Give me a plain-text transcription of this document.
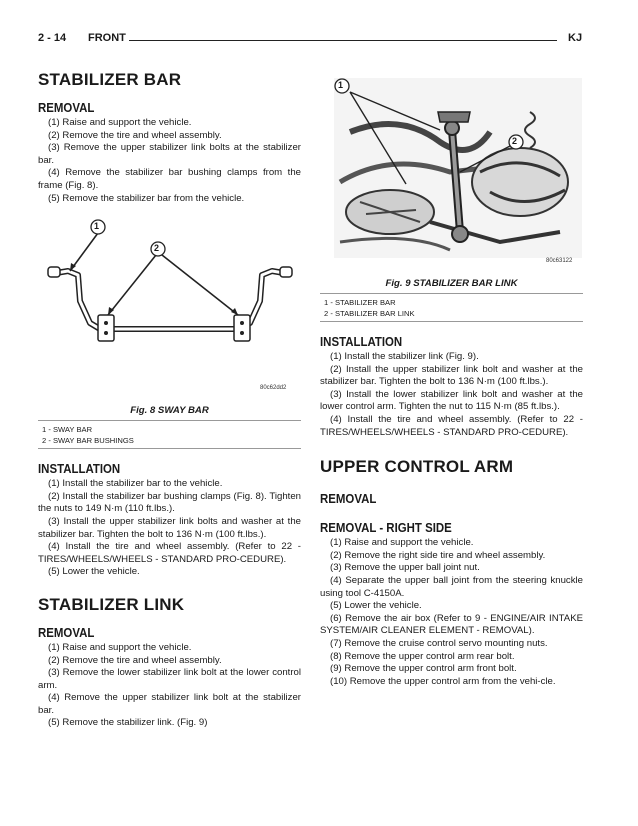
2 - 14 FRONT	KJ
STABILIZER BAR
REMOVAL
(1) Raise and support the vehicle.
(2) Remove the tire and wheel assembly.
(3) Remove the upper stabilizer link bolts at the stabilizer bar.
(4) Remove the stabilizer bar bushing clamps from the frame (Fig. 8).
(5) Remove the stabilizer bar from the vehicle.
1
2
80c62dd2
Fig. 8 SWAY BAR
1 - SWAY BAR
2 - SWAY BAR BUSHINGS
INSTALLATION
(1) Install the stabilizer bar to the vehicle.
(2) Install the stabilizer bar bushing clamps (Fig. 8). Tighten the nuts to 149 N·m (110 ft.lbs.).
(3) Install the upper stabilizer link bolts and washer at the stabilizer bar. Tighten the bolt to 136 N·m (100 ft.lbs.).
(4) Install the tire and wheel assembly. (Refer to 22 - TIRES/WHEELS/WHEELS - STANDARD PRO-CEDURE).
(5) Lower the vehicle.
STABILIZER LINK
REMOVAL
(1) Raise and support the vehicle.
(2) Remove the tire and wheel assembly.
(3) Remove the lower stabilizer link bolt at the lower control arm.
(4) Remove the upper stabilizer link bolt at the stabilizer bar.
(5) Remove the stabilizer link. (Fig. 9)
1
2
80c63122
Fig. 9 STABILIZER BAR LINK
1 - STABILIZER BAR
2 - STABILIZER BAR LINK
INSTALLATION
(1) Install the stabilizer link (Fig. 9).
(2) Install the upper stabilizer link bolt and washer at the stabilizer bar. Tighten the bolt to 136 N·m (100 ft.lbs.).
(3) Install the lower stabilizer link bolt and washer at the lower control arm. Tighten the nut to 115 N·m (85 ft.lbs.).
(4) Install the tire and wheel assembly. (Refer to 22 - TIRES/WHEELS/WHEELS - STANDARD PRO-CEDURE).
UPPER CONTROL ARM
REMOVAL
REMOVAL - RIGHT SIDE
(1) Raise and support the vehicle.
(2) Remove the right side tire and wheel assembly.
(3) Remove the upper ball joint nut.
(4) Separate the upper ball joint from the steering knuckle using tool C-4150A.
(5) Lower the vehicle.
(6) Remove the air box (Refer to 9 - ENGINE/AIR INTAKE SYSTEM/AIR CLEANER ELEMENT - REMOVAL).
(7) Remove the cruise control servo mounting nuts.
(8) Remove the upper control arm rear bolt.
(9) Remove the upper control arm front bolt.
(10) Remove the upper control arm from the vehi-cle.
